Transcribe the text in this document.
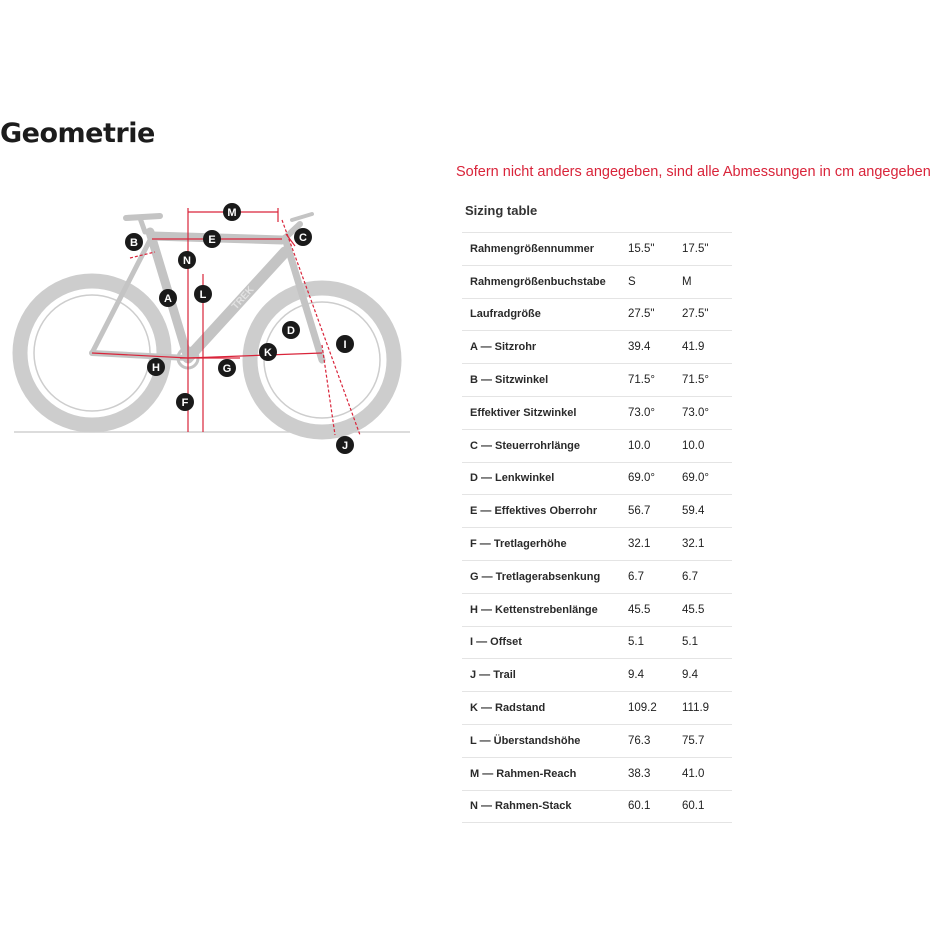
Geometrie
TREK
A
B	C
D
E
F
G
H
I
J
K
L
M
N
Sofern nicht anders angegeben, sind alle Abmessungen in cm angegeben
Sizing table
Rahmengrößennummer	15.5"	17.5"
Rahmengrößenbuchstabe	S	M
Laufradgröße	27.5"	27.5"
A — Sitzrohr	39.4	41.9
B — Sitzwinkel	71.5°	71.5°
Effektiver Sitzwinkel	73.0°	73.0°
C — Steuerrohrlänge	10.0	10.0
D — Lenkwinkel	69.0°	69.0°
E — Effektives Oberrohr	56.7	59.4
F — Tretlagerhöhe	32.1	32.1
G — Tretlagerabsenkung	6.7	6.7
H — Kettenstrebenlänge	45.5	45.5
I — Offset	5.1	5.1
J — Trail	9.4	9.4
K — Radstand	109.2	111.9
L — Überstandshöhe	76.3	75.7
M — Rahmen-Reach	38.3	41.0
N — Rahmen-Stack	60.1	60.1
